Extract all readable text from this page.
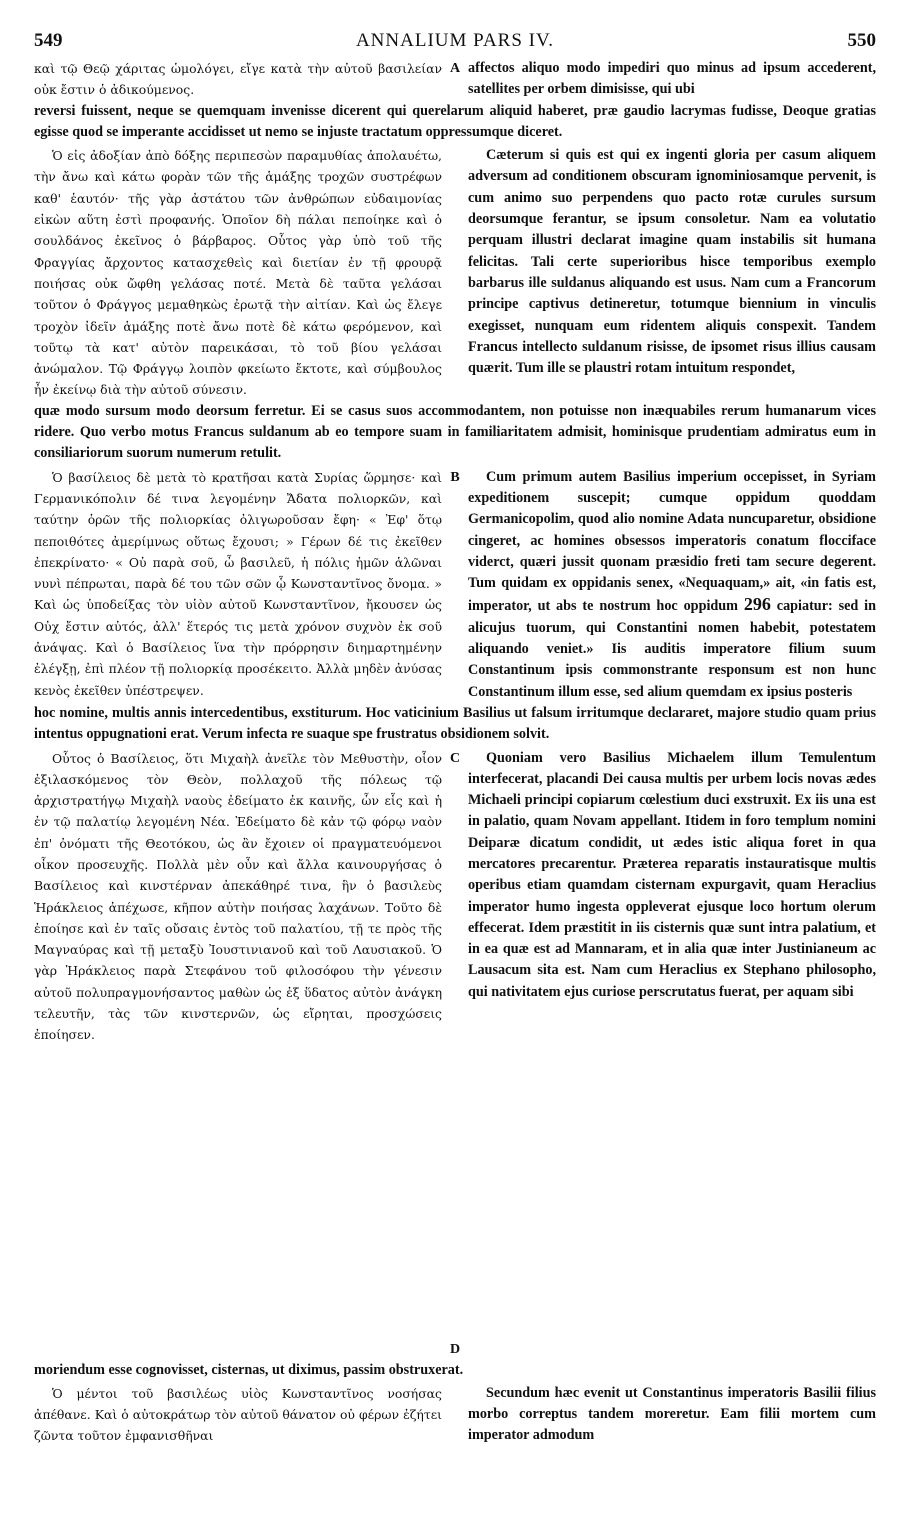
549	ANNALIUM PARS IV.	550
καὶ τῷ Θεῷ χάριτας ὡμολόγει, εἴγε κατὰ τὴν αὐτοῦ βασιλείαν οὐκ ἔστιν ὁ ἀδικούμενος.
A affectos aliquo modo impediri quo minus ad ipsum accederent, satellites per orbem dimisisse, qui ubi
reversi fuissent, neque se quemquam invenisse dicerent qui querelarum aliquid haberet, præ gaudio lacrymas fudisse, Deoque gratias egisse quod se imperante accidisset ut nemo se injuste tractatum oppressumque diceret.
Ὁ εἰς ἀδοξίαν ἀπὸ δόξης περιπεσὼν παραμυθίας ἀπολαυέτω, τὴν ἄνω καὶ κάτω φορὰν τῶν τῆς ἁμάξης τροχῶν συστρέφων καθ' ἑαυτόν· τῆς γὰρ ἀστάτου τῶν ἀνθρώπων εὐδαιμονίας εἰκὼν αὕτη ἐστὶ προφανής. Ὁποῖον δὴ πάλαι πεποίηκε καὶ ὁ σουλδάνος ἐκεῖνος ὁ βάρβαρος. Οὗτος γὰρ ὑπὸ τοῦ τῆς Φραγγίας ἄρχοντος κατασχεθεὶς καὶ διετίαν ἐν τῇ φρουρᾷ ποιήσας οὐκ ὤφθη γελάσας ποτέ. Μετὰ δὲ ταῦτα γελάσαι τοῦτον ὁ Φράγγος μεμαθηκὼς ἐρωτᾷ τὴν αἰτίαν. Καὶ ὡς ἔλεγε τροχὸν ἰδεῖν ἁμάξης ποτὲ ἄνω ποτὲ δὲ κάτω φερόμενον, καὶ τοῦτῳ τὰ κατ' αὐτὸν παρεικάσαι, τὸ τοῦ βίου γελάσαι ἀνώμαλον. Τῷ Φράγγῳ λοιπὸν φκείωτο ἔκτοτε, καὶ σύμβουλος ἦν ἐκείνῳ διὰ τὴν αὐτοῦ σύνεσιν.
Cæterum si quis est qui ex ingenti gloria per casum aliquem adversum ad conditionem obscuram ignominiosamque pervenit, is cum animo suo perpendens quo pacto rotæ curules sursum deorsumque ferantur, se ipsum consoletur. Nam ea volutatio perquam illustri declarat imagine quam instabilis sit humana felicitas. Tali certe superioribus hisce temporibus exemplo barbarus ille suldanus aliquando est usus. Nam cum a Francorum principe captivus detineretur, totumque biennium in vinculis exegisset, nunquam eum ridentem aliquis conspexit. Tandem Francus intellecto suldanum risisse, de ipsomet risus illius causam quærit. Tum ille se plaustri rotam intuitum respondet,
quæ modo sursum modo deorsum ferretur. Ei se casus suos accommodantem, non potuisse non inæquabiles rerum humanarum vices ridere. Quo verbo motus Francus suldanum ab eo tempore suam in familiaritatem admisit, hominisque prudentiam admiratus eum in consiliariorum suorum numerum retulit.
Ὁ βασίλειος δὲ μετὰ τὸ κρατῆσαι κατὰ Συρίας ὥρμησε· καὶ Γερμανικόπολιν δέ τινα λεγομένην Ἄδατα πολιορκῶν, καὶ ταύτην ὁρῶν τῆς πολιορκίας ὀλιγωροῦσαν ἔφη· « Ἐφ' ὅτῳ πεποιθότες ἀμερίμνως οὕτως ἔχουσι; » Γέρων δέ τις ἐκεῖθεν ἐπεκρίνατο· « Οὐ παρὰ σοῦ, ὦ βασιλεῦ, ἡ πόλις ἡμῶν ἁλῶναι νυνὶ πέπρωται, παρὰ δέ του τῶν σῶν ᾧ Κωνσταντῖνος ὄνομα. » Καὶ ὡς ὑποδείξας τὸν υἱὸν αὐτοῦ Κωνσταντῖνον, ἤκουσεν ὡς Οὐχ ἔστιν αὐτός, ἀλλ' ἕτερός τις μετὰ χρόνον συχνὸν ἐκ σοῦ ἀνάψας. Καὶ ὁ Βασίλειος ἵνα τὴν πρόρρησιν διημαρτημένην ἐλέγξῃ, ἐπὶ πλέον τῇ πολιορκίᾳ προσέκειτο. Ἀλλὰ μηδὲν ἀνύσας κενὸς ἐκεῖθεν ὑπέστρεψεν.
B	Cum primum autem Basilius imperium occepisset, in Syriam expeditionem suscepit; cumque oppidum quoddam Germanicopolim, quod alio nomine Adata nuncuparetur, obsidione cingeret, ac homines obsessos imperatoris conatum flocciface viderct, quæri jussit quonam præsidio freti tam secure degerent. Tum quidam ex oppidanis senex, «Nequaquam,» ait, «in fatis est, imperator, ut abs te nostrum hoc oppidum 296 capiatur: sed in alicujus tuorum, qui Constantini nomen habebit, potestatem aliquando veniet.» Iis auditis imperatore filium suum Constantinum ipsis commonstrante responsum est non hunc Constantinum illum esse, sed alium quemdam ex ipsius posteris
hoc nomine, multis annis intercedentibus, exstiturum. Hoc vaticinium Basilius ut falsum irritumque declararet, majore studio quam prius intentus oppugnationi erat. Verum infecta re suaque spe frustratus obsidionem solvit.
Οὗτος ὁ Βασίλειος, ὅτι Μιχαὴλ ἀνεῖλε τὸν Μεθυστὴν, οἷον ἐξιλασκόμενος τὸν Θεὸν, πολλαχοῦ τῆς πόλεως τῷ ἀρχιστρατήγῳ Μιχαὴλ ναοὺς ἐδείματο ἐκ καινῆς, ὧν εἷς καὶ ἡ ἐν τῷ παλατίῳ λεγομένη Νέα. Ἐδείματο δὲ κἀν τῷ φόρῳ ναὸν ἐπ' ὀνόματι τῆς Θεοτόκου, ὡς ἂν ἔχοιεν οἱ πραγματευόμενοι οἶκον προσευχῆς. Πολλὰ μὲν οὖν καὶ ἄλλα καινουργήσας ὁ Βασίλειος καὶ κινστέρναν ἀπεκάθηρέ τινα, ἣν ὁ βασιλεὺς Ἡράκλειος ἀπέχωσε, κῆπον αὐτὴν ποιήσας λαχάνων. Τοῦτο δὲ ἐποίησε καὶ ἐν ταῖς οὔσαις ἐντὸς τοῦ παλατίου, τῇ τε πρὸς τῆς Μαγναύρας καὶ τῇ μεταξὺ Ἰουστινιανοῦ καὶ τοῦ Λαυσιακοῦ. Ὁ γὰρ Ἡράκλειος παρὰ Στεφάνου τοῦ φιλοσόφου τὴν γένεσιν αὐτοῦ πολυπραγμονήσαντος μαθὼν ὡς ἐξ ὕδατος αὐτὸν ἀνάγκη τελευτῆν, τὰς τῶν κινστερνῶν, ὡς εἴρηται, προσχώσεις ἐποίησεν.
C
D
Quoniam vero Basilius Michaelem illum Temulentum interfecerat, placandi Dei causa multis per urbem locis novas ædes Michaeli principi copiarum cœlestium duci exstruxit. Ex iis una est in palatio, quam Novam appellant. Itidem in foro templum nomini Deiparæ dicatum condidit, ut ædes istic aliqua foret in qua mercatores precarentur. Præterea reparatis instauratisque multis operibus etiam quamdam cisternam expurgavit, quam Heraclius imperator humo ingesta oppleverat ejusque loco hortum olerum effecerat. Idem præstitit in iis cisternis quæ sunt intra palatium, et in ea quæ est ad Mannaram, et in alia quæ inter Justinianeum ac Lausacum sita est. Nam cum Heraclius ex Stephano philosopho, qui nativitatem ejus curiose perscrutatus fuerat, per aquam sibi
moriendum esse cognovisset, cisternas, ut diximus, passim obstruxerat.
Ὁ μέντοι τοῦ βασιλέως υἱὸς Κωνσταντῖνος νοσήσας ἀπέθανε. Καὶ ὁ αὐτοκράτωρ τὸν αὐτοῦ θάνατον οὐ φέρων ἐζήτει ζῶντα τοῦτον ἐμφανισθῆναι
Secundum hæc evenit ut Constantinus imperatoris Basilii filius morbo correptus tandem moreretur. Eam filii mortem cum imperator admodum
